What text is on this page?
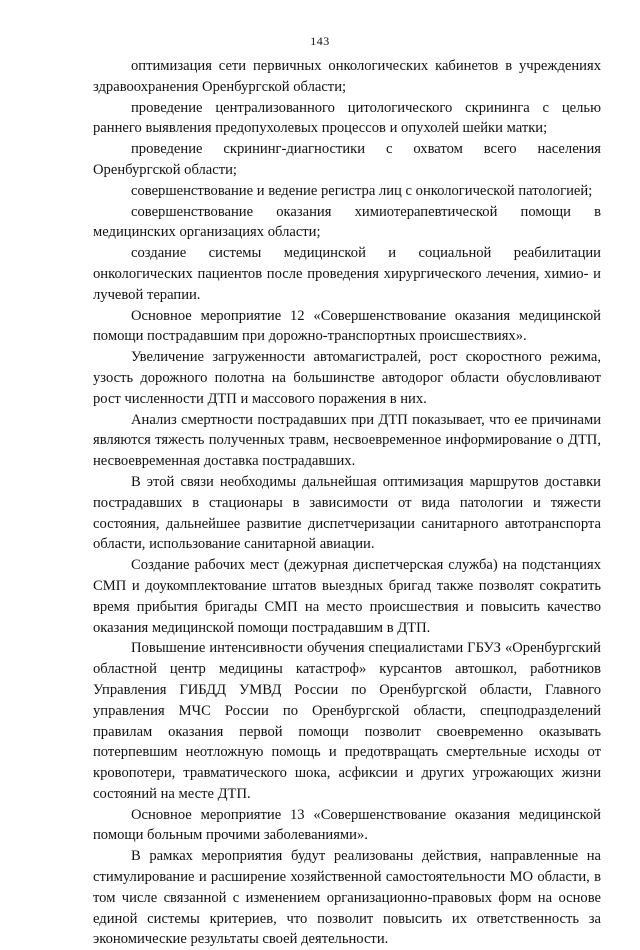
143

оптимизация сети первичных онкологических кабинетов в учреждениях здравоохранения Оренбургской области;

проведение централизованного цитологического скрининга с целью раннего выявления предопухолевых процессов и опухолей шейки матки;

проведение скрининг-диагностики с охватом всего населения Оренбургской области;

совершенствование и ведение регистра лиц с онкологической патологией;

совершенствование оказания химиотерапевтической помощи в медицинских организациях области;

создание системы медицинской и социальной реабилитации онкологических пациентов после проведения хирургического лечения, химио- и лучевой терапии.

Основное мероприятие 12 «Совершенствование оказания медицинской помощи пострадавшим при дорожно-транспортных происшествиях».

Увеличение загруженности автомагистралей, рост скоростного режима, узость дорожного полотна на большинстве автодорог области обусловливают рост численности ДТП и массового поражения в них.

Анализ смертности пострадавших при ДТП показывает, что ее причинами являются тяжесть полученных травм, несвоевременное информирование о ДТП, несвоевременная доставка пострадавших.

В этой связи необходимы дальнейшая оптимизация маршрутов доставки пострадавших в стационары в зависимости от вида патологии и тяжести состояния, дальнейшее развитие диспетчеризации санитарного автотранспорта области, использование санитарной авиации.

Создание рабочих мест (дежурная диспетчерская служба) на подстанциях СМП и доукомплектование штатов выездных бригад также позволят сократить время прибытия бригады СМП на место происшествия и повысить качество оказания медицинской помощи пострадавшим в ДТП.

Повышение интенсивности обучения специалистами ГБУЗ «Оренбургский областной центр медицины катастроф» курсантов автошкол, работников Управления ГИБДД УМВД России по Оренбургской области, Главного управления МЧС России по Оренбургской области, спецподразделений правилам оказания первой помощи позволит своевременно оказывать потерпевшим неотложную помощь и предотвращать смертельные исходы от кровопотери, травматического шока, асфиксии и других угрожающих жизни состояний на месте ДТП.

Основное мероприятие 13 «Совершенствование оказания медицинской помощи больным прочими заболеваниями».

В рамках мероприятия будут реализованы действия, направленные на стимулирование и расширение хозяйственной самостоятельности МО области, в том числе связанной с изменением организационно-правовых форм на основе единой системы критериев, что позволит повысить их ответственность за экономические результаты своей деятельности.
